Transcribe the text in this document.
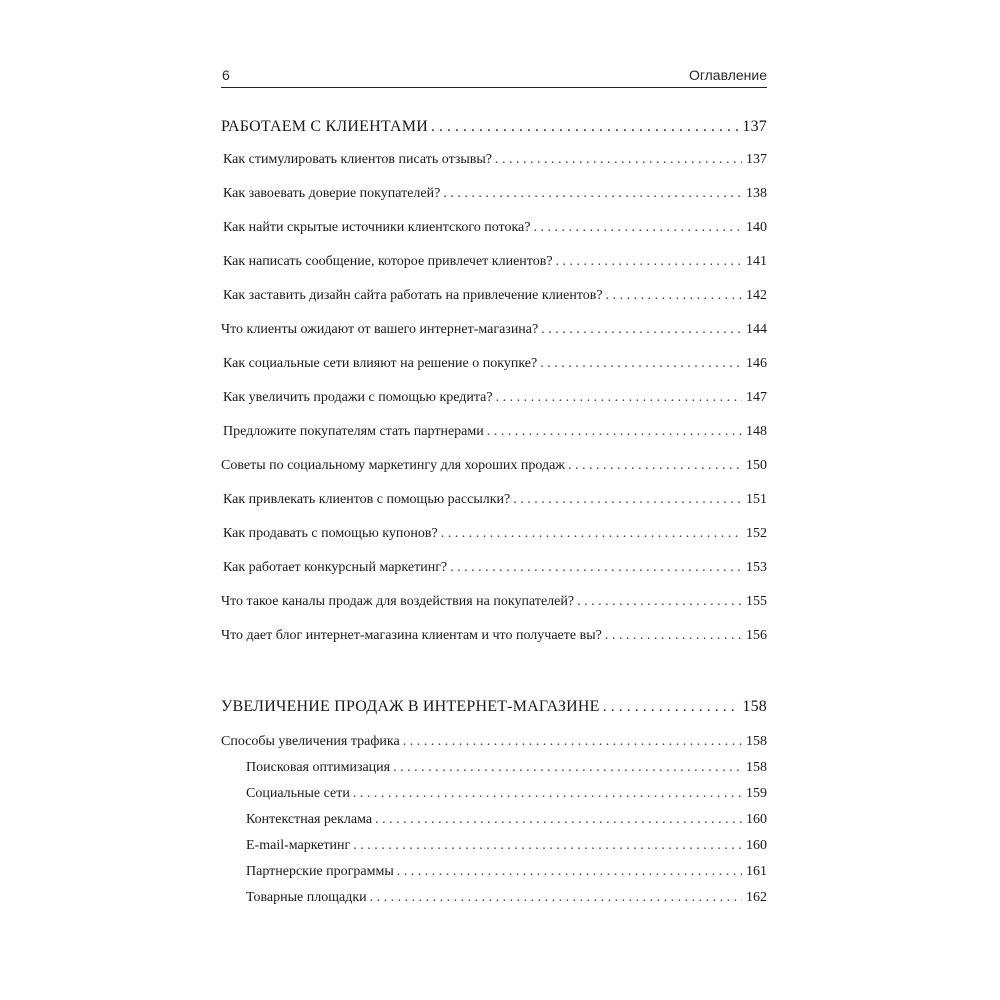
6	Оглавление
РАБОТАЕМ С КЛИЕНТАМИ . . .	137
Как стимулировать клиентов писать отзывы? . . .	137
Как завоевать доверие покупателей? . . .	138
Как найти скрытые источники клиентского потока? . . .	140
Как написать сообщение, которое привлечет клиентов? . . .	141
Как заставить дизайн сайта работать на привлечение клиентов? . . .	142
Что клиенты ожидают от вашего интернет-магазина? . . .	144
Как социальные сети влияют на решение о покупке? . . .	146
Как увеличить продажи с помощью кредита? . . .	147
Предложите покупателям стать партнерами . . .	148
Советы по социальному маркетингу для хороших продаж . . .	150
Как привлекать клиентов с помощью рассылки? . . .	151
Как продавать с помощью купонов? . . .	152
Как работает конкурсный маркетинг? . . .	153
Что такое каналы продаж для воздействия на покупателей? . . .	155
Что дает блог интернет-магазина клиентам и что получаете вы? . . .	156
УВЕЛИЧЕНИЕ ПРОДАЖ В ИНТЕРНЕТ-МАГАЗИНЕ . . .	158
Способы увеличения трафика . . .	158
Поисковая оптимизация . . .	158
Социальные сети . . .	159
Контекстная реклама . . .	160
E-mail-маркетинг . . .	160
Партнерские программы . . .	161
Товарные площадки . . .	162
